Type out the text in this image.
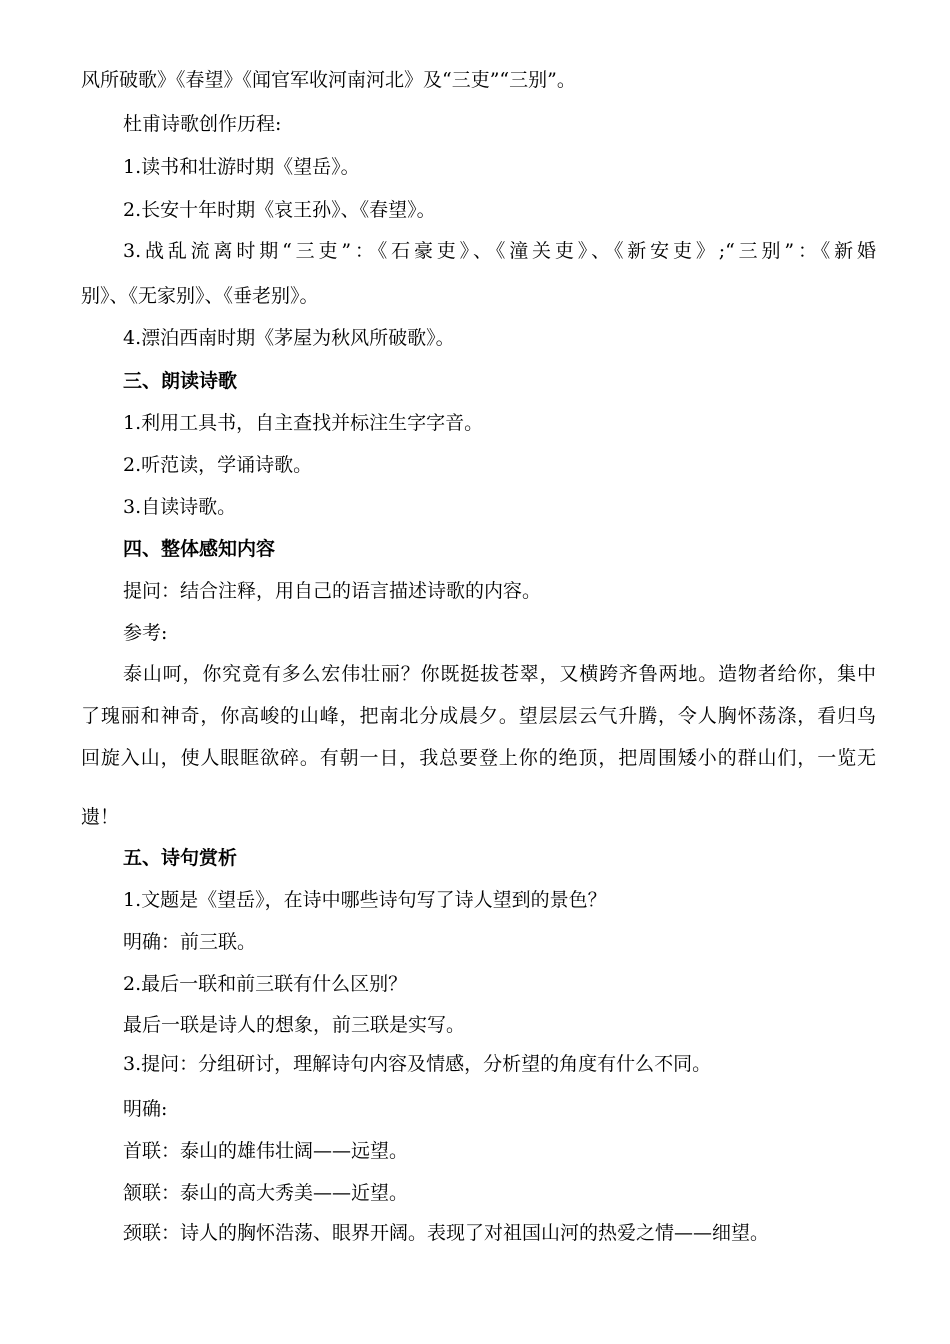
风所破歌》《春望》《闻官军收河南河北》及“三吏”“三别”。
杜甫诗歌创作历程:
1.读书和壮游时期《望岳》。
2.长安十年时期《哀王孙》、《春望》。
3.战乱流离时期“三吏”：《石豪吏》、《潼关吏》、《新安吏》;“三别”：《新婚
别》、《无家别》、《垂老别》。
4.漂泊西南时期《茅屋为秋风所破歌》。
三、朗读诗歌
1.利用工具书，自主查找并标注生字字音。
2.听范读，学诵诗歌。
3.自读诗歌。
四、整体感知内容
提问：结合注释，用自己的语言描述诗歌的内容。
参考:
泰山呵，你究竟有多么宏伟壮丽？你既挺拔苍翠，又横跨齐鲁两地。造物者给你，集中
了瑰丽和神奇，你高峻的山峰，把南北分成晨夕。望层层云气升腾，令人胸怀荡涤，看归鸟
回旋入山，使人眼眶欲碎。有朝一日，我总要登上你的绝顶，把周围矮小的群山们，一览无
遗！
五、诗句赏析
1.文题是《望岳》，在诗中哪些诗句写了诗人望到的景色？
明确：前三联。
2.最后一联和前三联有什么区别？
最后一联是诗人的想象，前三联是实写。
3.提问：分组研讨，理解诗句内容及情感，分析望的角度有什么不同。
明确:
首联：泰山的雄伟壮阔——远望。
颔联：泰山的高大秀美——近望。
颈联：诗人的胸怀浩荡、眼界开阔。表现了对祖国山河的热爱之情——细望。
